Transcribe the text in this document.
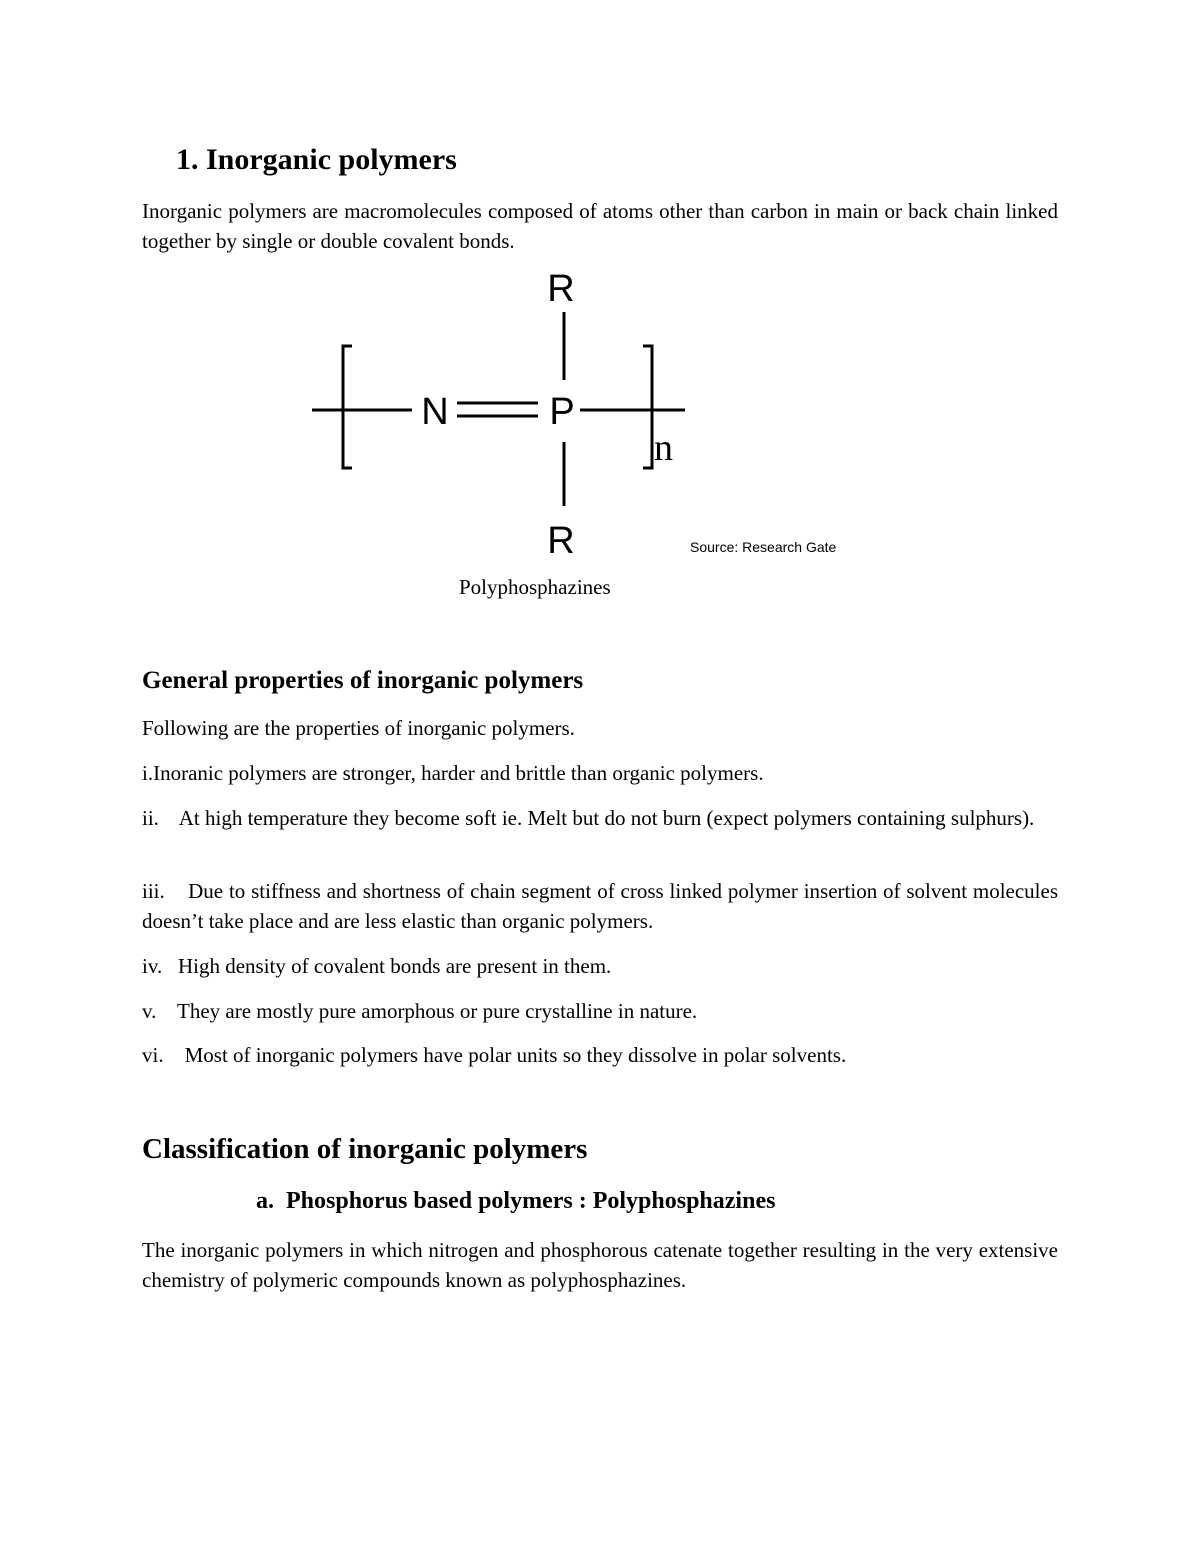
1. Inorganic polymers

Inorganic polymers are macromolecules composed of atoms other than carbon in main or back chain linked together by single or double covalent bonds.

N	P
R
R
n
Source: Research Gate
Polyphosphazines
General properties of inorganic polymers
Following are the properties of inorganic polymers.
i.Inoranic polymers are stronger, harder and brittle than organic polymers.

ii. At high temperature they become soft ie. Melt but do not burn (expect polymers containing sulphurs).

iii. Due to stiffness and shortness of chain segment of cross linked polymer insertion of solvent molecules doesn’t take place and are less elastic than organic polymers.

iv. High density of covalent bonds are present in them.
v. They are mostly pure amorphous or pure crystalline in nature.
vi. Most of inorganic polymers have polar units so they dissolve in polar solvents.
Classification of inorganic polymers
a. Phosphorus based polymers : Polyphosphazines

The inorganic polymers in which nitrogen and phosphorous catenate together resulting in the very extensive chemistry of polymeric compounds known as polyphosphazines.
